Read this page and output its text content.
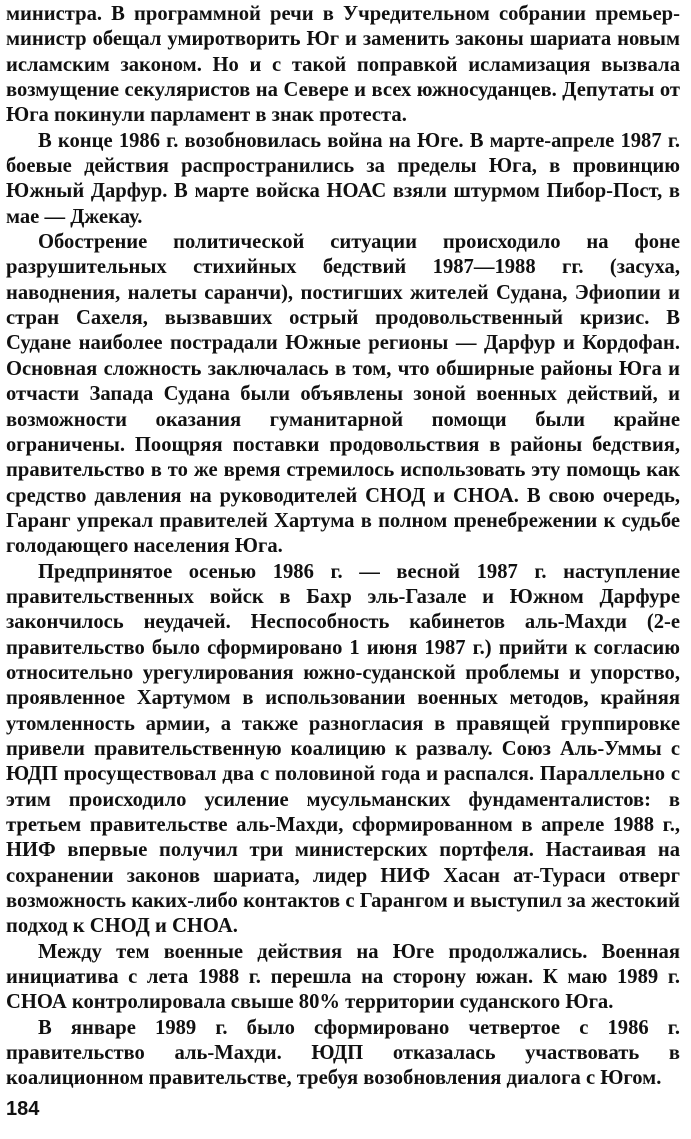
министра. В программной речи в Учредительном собрании премьер-министр обещал умиротворить Юг и заменить законы шариата новым исламским законом. Но и с такой поправкой исламизация вызвала возмущение секуляристов на Севере и всех южносуданцев. Депутаты от Юга покинули парламент в знак протеста.

В конце 1986 г. возобновилась война на Юге. В марте-апреле 1987 г. боевые действия распространились за пределы Юга, в провинцию Южный Дарфур. В марте войска НОАС взяли штурмом Пибор-Пост, в мае — Джекау.

Обострение политической ситуации происходило на фоне разрушительных стихийных бедствий 1987—1988 гг. (засуха, наводнения, налеты саранчи), постигших жителей Судана, Эфиопии и стран Сахеля, вызвавших острый продовольственный кризис. В Судане наиболее пострадали Южные регионы — Дарфур и Кордофан. Основная сложность заключалась в том, что обширные районы Юга и отчасти Запада Судана были объявлены зоной военных действий, и возможности оказания гуманитарной помощи были крайне ограничены. Поощряя поставки продовольствия в районы бедствия, правительство в то же время стремилось использовать эту помощь как средство давления на руководителей СНОД и СНОА. В свою очередь, Гаранг упрекал правителей Хартума в полном пренебрежении к судьбе голодающего населения Юга.

Предпринятое осенью 1986 г. — весной 1987 г. наступление правительственных войск в Бахр эль-Газале и Южном Дарфуре закончилось неудачей. Неспособность кабинетов аль-Махди (2-е правительство было сформировано 1 июня 1987 г.) прийти к согласию относительно урегулирования южно-суданской проблемы и упорство, проявленное Хартумом в использовании военных методов, крайняя утомленность армии, а также разногласия в правящей группировке привели правительственную коалицию к развалу. Союз Аль-Уммы с ЮДП просуществовал два с половиной года и распался. Параллельно с этим происходило усиление мусульманских фундаменталистов: в третьем правительстве аль-Махди, сформированном в апреле 1988 г., НИФ впервые получил три министерских портфеля. Настаивая на сохранении законов шариата, лидер НИФ Хасан ат-Тураси отверг возможность каких-либо контактов с Гарангом и выступил за жестокий подход к СНОД и СНОА.

Между тем военные действия на Юге продолжались. Военная инициатива с лета 1988 г. перешла на сторону южан. К маю 1989 г. СНОА контролировала свыше 80% территории суданского Юга.

В январе 1989 г. было сформировано четвертое с 1986 г. правительство аль-Махди. ЮДП отказалась участвовать в коалиционном правительстве, требуя возобновления диалога с Югом.

184
